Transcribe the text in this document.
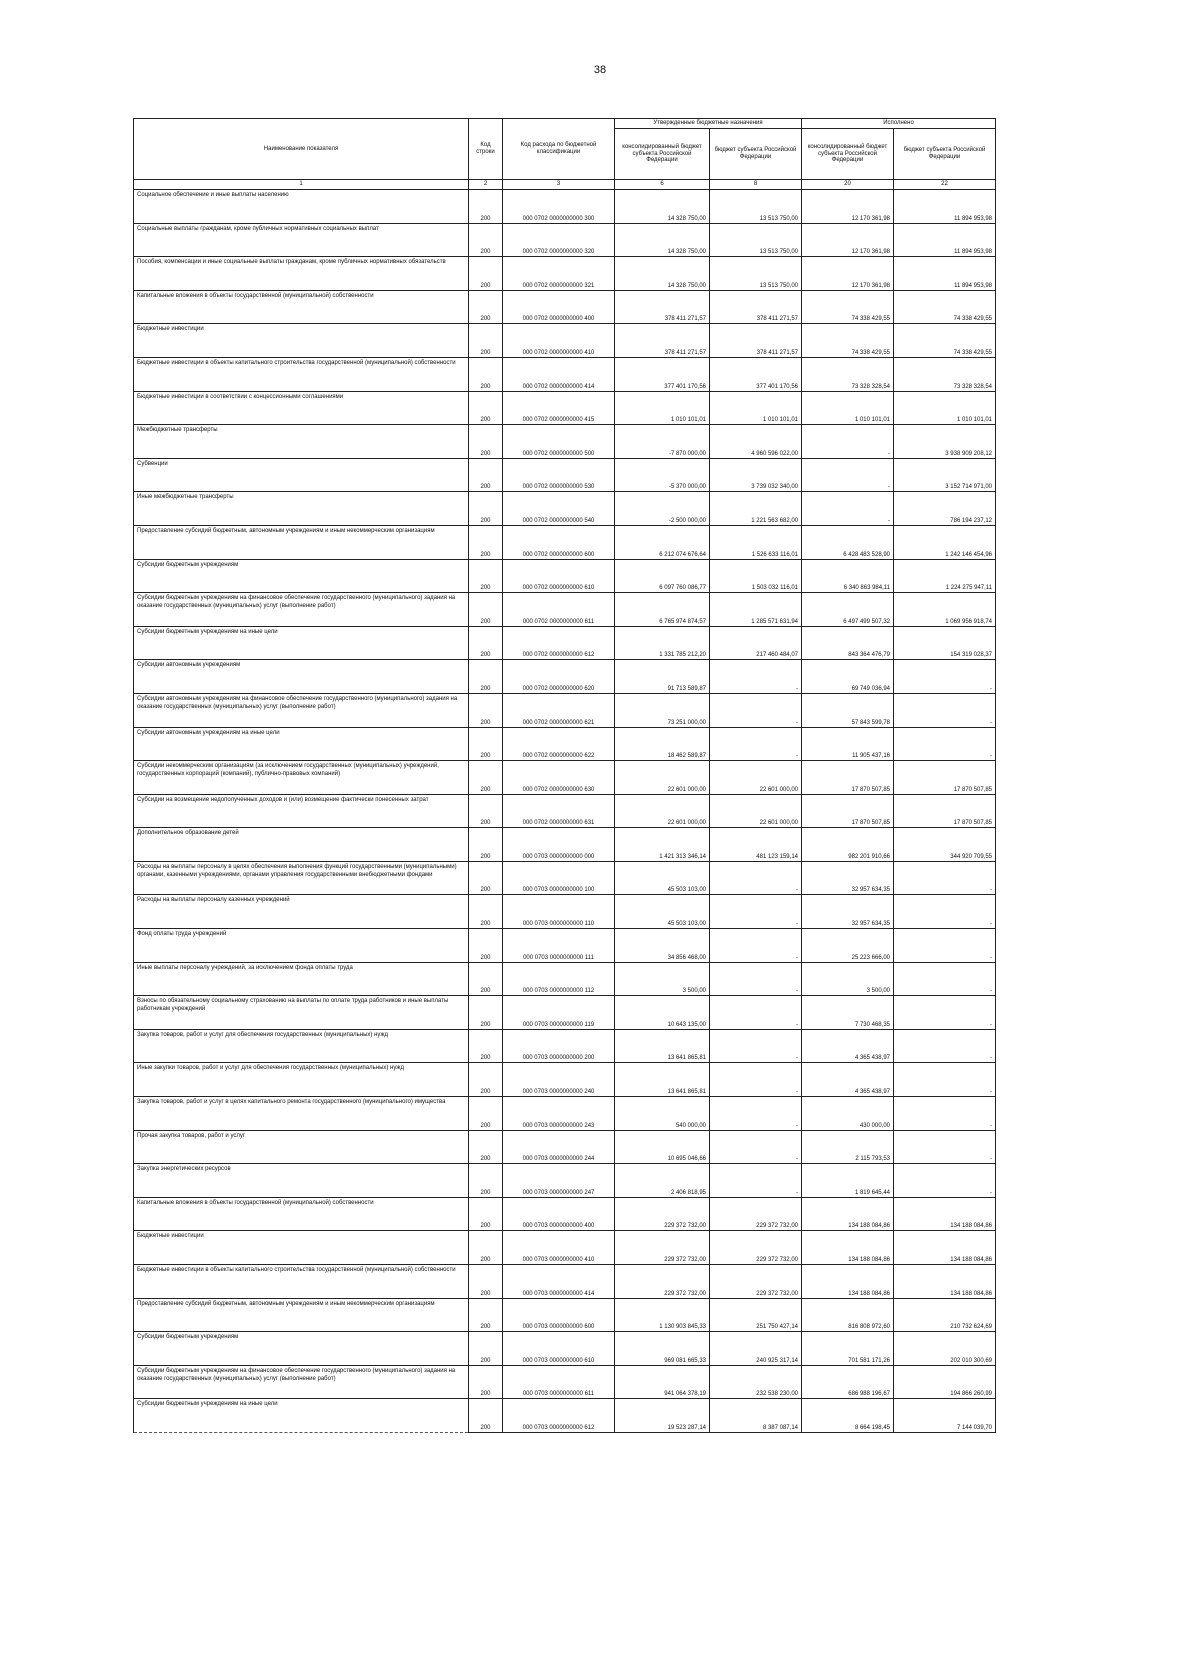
38
Наименование показателя	Код строки	Код расхода по бюджетной классификации	Утвержденные бюджетные назначения		Исполнено	
			консолидированный бюджет субъекта Российской Федерации	бюджет субъекта Российской Федерации	консолидированный бюджет субъекта Российской Федерации	бюджет субъекта Российской Федерации
1	2	3	6	8	20	22
Социальное обеспечение и иные выплаты населению	200	000 0702 0000000000 300	14 328 750,00	13 513 750,00	12 170 361,98	11 894 953,98
Социальные выплаты гражданам, кроме публичных нормативных социальных выплат	200	000 0702 0000000000 320	14 328 750,00	13 513 750,00	12 170 361,98	11 894 953,98
Пособия, компенсации и иные социальные выплаты гражданам, кроме публичных нормативных обязательств	200	000 0702 0000000000 321	14 328 750,00	13 513 750,00	12 170 361,98	11 894 953,98
Капитальные вложения в объекты государственной (муниципальной) собственности	200	000 0702 0000000000 400	378 411 271,57	378 411 271,57	74 338 429,55	74 338 429,55
Бюджетные инвестиции	200	000 0702 0000000000 410	378 411 271,57	378 411 271,57	74 338 429,55	74 338 429,55
Бюджетные инвестиции в объекты капитального строительства государственной (муниципальной) собственности	200	000 0702 0000000000 414	377 401 170,56	377 401 170,56	73 328 328,54	73 328 328,54
Бюджетные инвестиции в соответствии с концессионными соглашениями	200	000 0702 0000000000 415	1 010 101,01	1 010 101,01	1 010 101,01	1 010 101,01
Межбюджетные трансферты	200	000 0702 0000000000 500	-7 870 000,00	4 960 596 022,00	-	3 938 909 208,12
Субвенции	200	000 0702 0000000000 530	-5 370 000,00	3 739 032 340,00	-	3 152 714 971,00
Иные межбюджетные трансферты	200	000 0702 0000000000 540	-2 500 000,00	1 221 563 682,00	-	786 194 237,12
Предоставление субсидий бюджетным, автономным учреждениям и иным некоммерческим организациям	200	000 0702 0000000000 600	6 212 074 676,64	1 526 633 116,01	6 428 483 528,90	1 242 146 454,96
Субсидии бюджетным учреждениям	200	000 0702 0000000000 610	6 097 760 086,77	1 503 032 116,01	6 340 863 984,11	1 224 275 947,11
Субсидии бюджетным учреждениям на финансовое обеспечение государственного (муниципального) задания на оказание государственных (муниципальных) услуг (выполнение работ)	200	000 0702 0000000000 611	6 765 974 874,57	1 285 571 631,94	6 497 499 507,32	1 069 956 918,74
Субсидии бюджетным учреждениям на иные цели	200	000 0702 0000000000 612	1 331 785 212,20	217 460 484,07	843 364 476,79	154 319 028,37
Субсидии автономным учреждениям	200	000 0702 0000000000 620	91 713 589,87	-	69 749 036,94	-
Субсидии автономным учреждениям на финансовое обеспечение государственного (муниципального) задания на оказание государственных (муниципальных) услуг (выполнение работ)	200	000 0702 0000000000 621	73 251 000,00	-	57 843 599,78	-
Субсидии автономным учреждениям на иные цели	200	000 0702 0000000000 622	18 462 589,87	-	11 905 437,16	-
Субсидии некоммерческим организациям (за исключением государственных (муниципальных) учреждений, государственных корпораций (компаний), публично-правовых компаний)	200	000 0702 0000000000 630	22 601 000,00	22 601 000,00	17 870 507,85	17 870 507,85
Субсидии на возмещение недополученных доходов и (или) возмещение фактически понесенных затрат	200	000 0702 0000000000 631	22 601 000,00	22 601 000,00	17 870 507,85	17 870 507,85
Дополнительное образование детей	200	000 0703 0000000000 000	1 421 313 346,14	481 123 159,14	982 201 910,66	344 920 709,55
Расходы на выплаты персоналу в целях обеспечения выполнения функций государственными (муниципальными) органами, казенными учреждениями, органами управления государственными внебюджетными фондами	200	000 0703 0000000000 100	45 503 103,00	-	32 957 634,35	-
Расходы на выплаты персоналу казенных учреждений	200	000 0703 0000000000 110	45 503 103,00	-	32 957 634,35	-
Фонд оплаты труда учреждений	200	000 0703 0000000000 111	34 856 468,00	-	25 223 666,00	-
Иные выплаты персоналу учреждений, за исключением фонда оплаты труда	200	000 0703 0000000000 112	3 500,00	-	3 500,00	-
Взносы по обязательному социальному страхованию на выплаты по оплате труда работников и иные выплаты работникам учреждений	200	000 0703 0000000000 119	10 643 135,00	-	7 730 468,35	-
Закупка товаров, работ и услуг для обеспечения государственных (муниципальных) нужд	200	000 0703 0000000000 200	13 641 865,81	-	4 365 438,97	-
Иные закупки товаров, работ и услуг для обеспечения государственных (муниципальных) нужд	200	000 0703 0000000000 240	13 641 865,81	-	4 365 438,97	-
Закупка товаров, работ и услуг в целях капитального ремонта государственного (муниципального) имущества	200	000 0703 0000000000 243	540 000,00	-	430 000,00	-
Прочая закупка товаров, работ и услуг	200	000 0703 0000000000 244	10 695 046,66	-	2 115 793,53	-
Закупка энергетических ресурсов	200	000 0703 0000000000 247	2 406 818,95	-	1 819 645,44	-
Капитальные вложения в объекты государственной (муниципальной) собственности	200	000 0703 0000000000 400	229 372 732,00	229 372 732,00	134 188 084,86	134 188 084,86
Бюджетные инвестиции	200	000 0703 0000000000 410	229 372 732,00	229 372 732,00	134 188 084,86	134 188 084,86
Бюджетные инвестиции в объекты капитального строительства государственной (муниципальной) собственности	200	000 0703 0000000000 414	229 372 732,00	229 372 732,00	134 188 084,86	134 188 084,86
Предоставление субсидий бюджетным, автономным учреждениям и иным некоммерческим организациям	200	000 0703 0000000000 600	1 130 903 845,33	251 750 427,14	816 808 972,60	210 732 624,69
Субсидии бюджетным учреждениям	200	000 0703 0000000000 610	969 081 665,33	240 925 317,14	701 581 171,26	202 010 300,69
Субсидии бюджетным учреждениям на финансовое обеспечение государственного (муниципального) задания на оказание государственных (муниципальных) услуг (выполнение работ)	200	000 0703 0000000000 611	941 064 378,19	232 538 230,00	686 988 196,67	194 866 260,99
Субсидии бюджетным учреждениям на иные цели	200	000 0703 0000000000 612	19 523 287,14	8 387 087,14	8 664 198,45	7 144 039,70
